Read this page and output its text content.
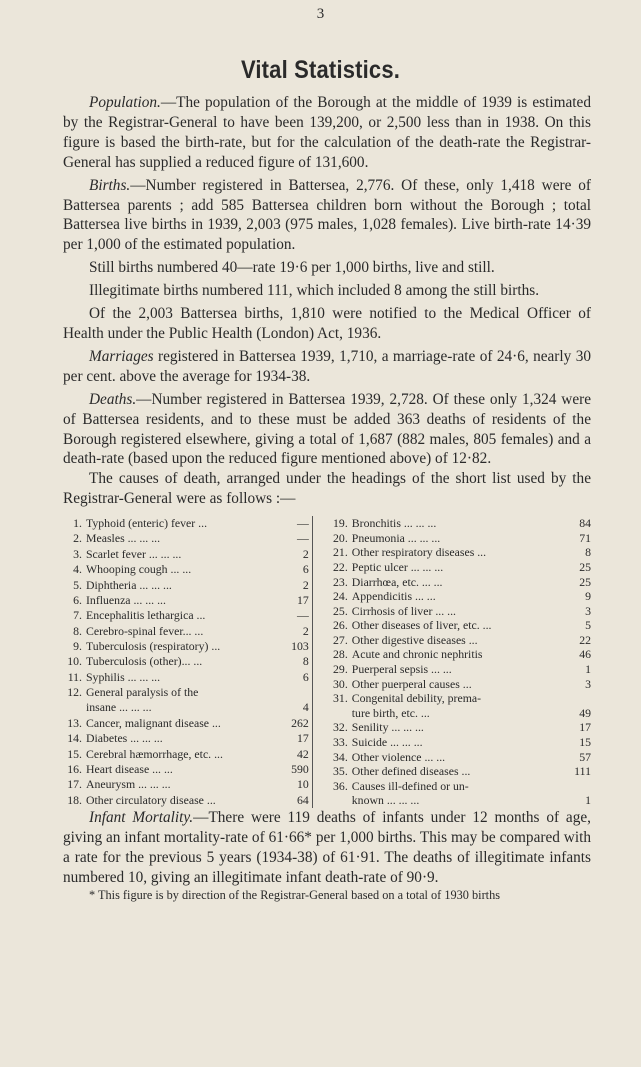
3
Vital Statistics.

Population.—The population of the Borough at the middle of 1939 is estimated by the Registrar-General to have been 139,200, or 2,500 less than in 1938. On this figure is based the birth-rate, but for the calculation of the death-rate the Registrar-General has supplied a reduced figure of 131,600.

Births.—Number registered in Battersea, 2,776. Of these, only 1,418 were of Battersea parents ; add 585 Battersea children born without the Borough ; total Battersea live births in 1939, 2,003 (975 males, 1,028 females). Live birth-rate 14·39 per 1,000 of the estimated population.

Still births numbered 40—rate 19·6 per 1,000 births, live and still.

Illegitimate births numbered 111, which included 8 among the still births.

Of the 2,003 Battersea births, 1,810 were notified to the Medical Officer of Health under the Public Health (London) Act, 1936.

Marriages registered in Battersea 1939, 1,710, a marriage-rate of 24·6, nearly 30 per cent. above the average for 1934-38.

Deaths.—Number registered in Battersea 1939, 2,728. Of these only 1,324 were of Battersea residents, and to these must be added 363 deaths of residents of the Borough registered elsewhere, giving a total of 1,687 (882 males, 805 females) and a death-rate (based upon the reduced figure mentioned above) of 12·82.

The causes of death, arranged under the headings of the short list used by the Registrar-General were as follows :—

1. Typhoid (enteric) fever ...	—
2. Measles ... ... ...	—
3. Scarlet fever ... ... ...	2
4. Whooping cough ... ...	6
5. Diphtheria ... ... ...	2
6. Influenza ... ... ...	17
7. Encephalitis lethargica ...	—
8. Cerebro-spinal fever... ...	2
9. Tuberculosis (respiratory) ...	103
10. Tuberculosis (other)... ...	8
11. Syphilis ... ... ...	6
12. General paralysis of the
insane ... ... ...	4
13. Cancer, malignant disease ...	262
14. Diabetes ... ... ...	17
15. Cerebral hæmorrhage, etc. ...	42
16. Heart disease ... ...	590
17. Aneurysm ... ... ...	10
18. Other circulatory disease ...	64
19. Bronchitis ... ... ...	84
20. Pneumonia ... ... ...	71
21. Other respiratory diseases ...	8
22. Peptic ulcer ... ... ...	25
23. Diarrhœa, etc. ... ...	25
24. Appendicitis ... ...	9
25. Cirrhosis of liver ... ...	3
26. Other diseases of liver, etc. ...	5
27. Other digestive diseases ...	22
28. Acute and chronic nephritis	46
29. Puerperal sepsis ... ...	1
30. Other puerperal causes ...	3
31. Congenital debility, prema-
ture birth, etc. ...	49
32. Senility ... ... ...	17
33. Suicide ... ... ...	15
34. Other violence ... ...	57
35. Other defined diseases ...	111
36. Causes ill-defined or un-
known ... ... ...	1

Infant Mortality.—There were 119 deaths of infants under 12 months of age, giving an infant mortality-rate of 61·66* per 1,000 births. This may be compared with a rate for the previous 5 years (1934-38) of 61·91. The deaths of illegitimate infants numbered 10, giving an illegitimate infant death-rate of 90·9.

* This figure is by direction of the Registrar-General based on a total of 1930 births
